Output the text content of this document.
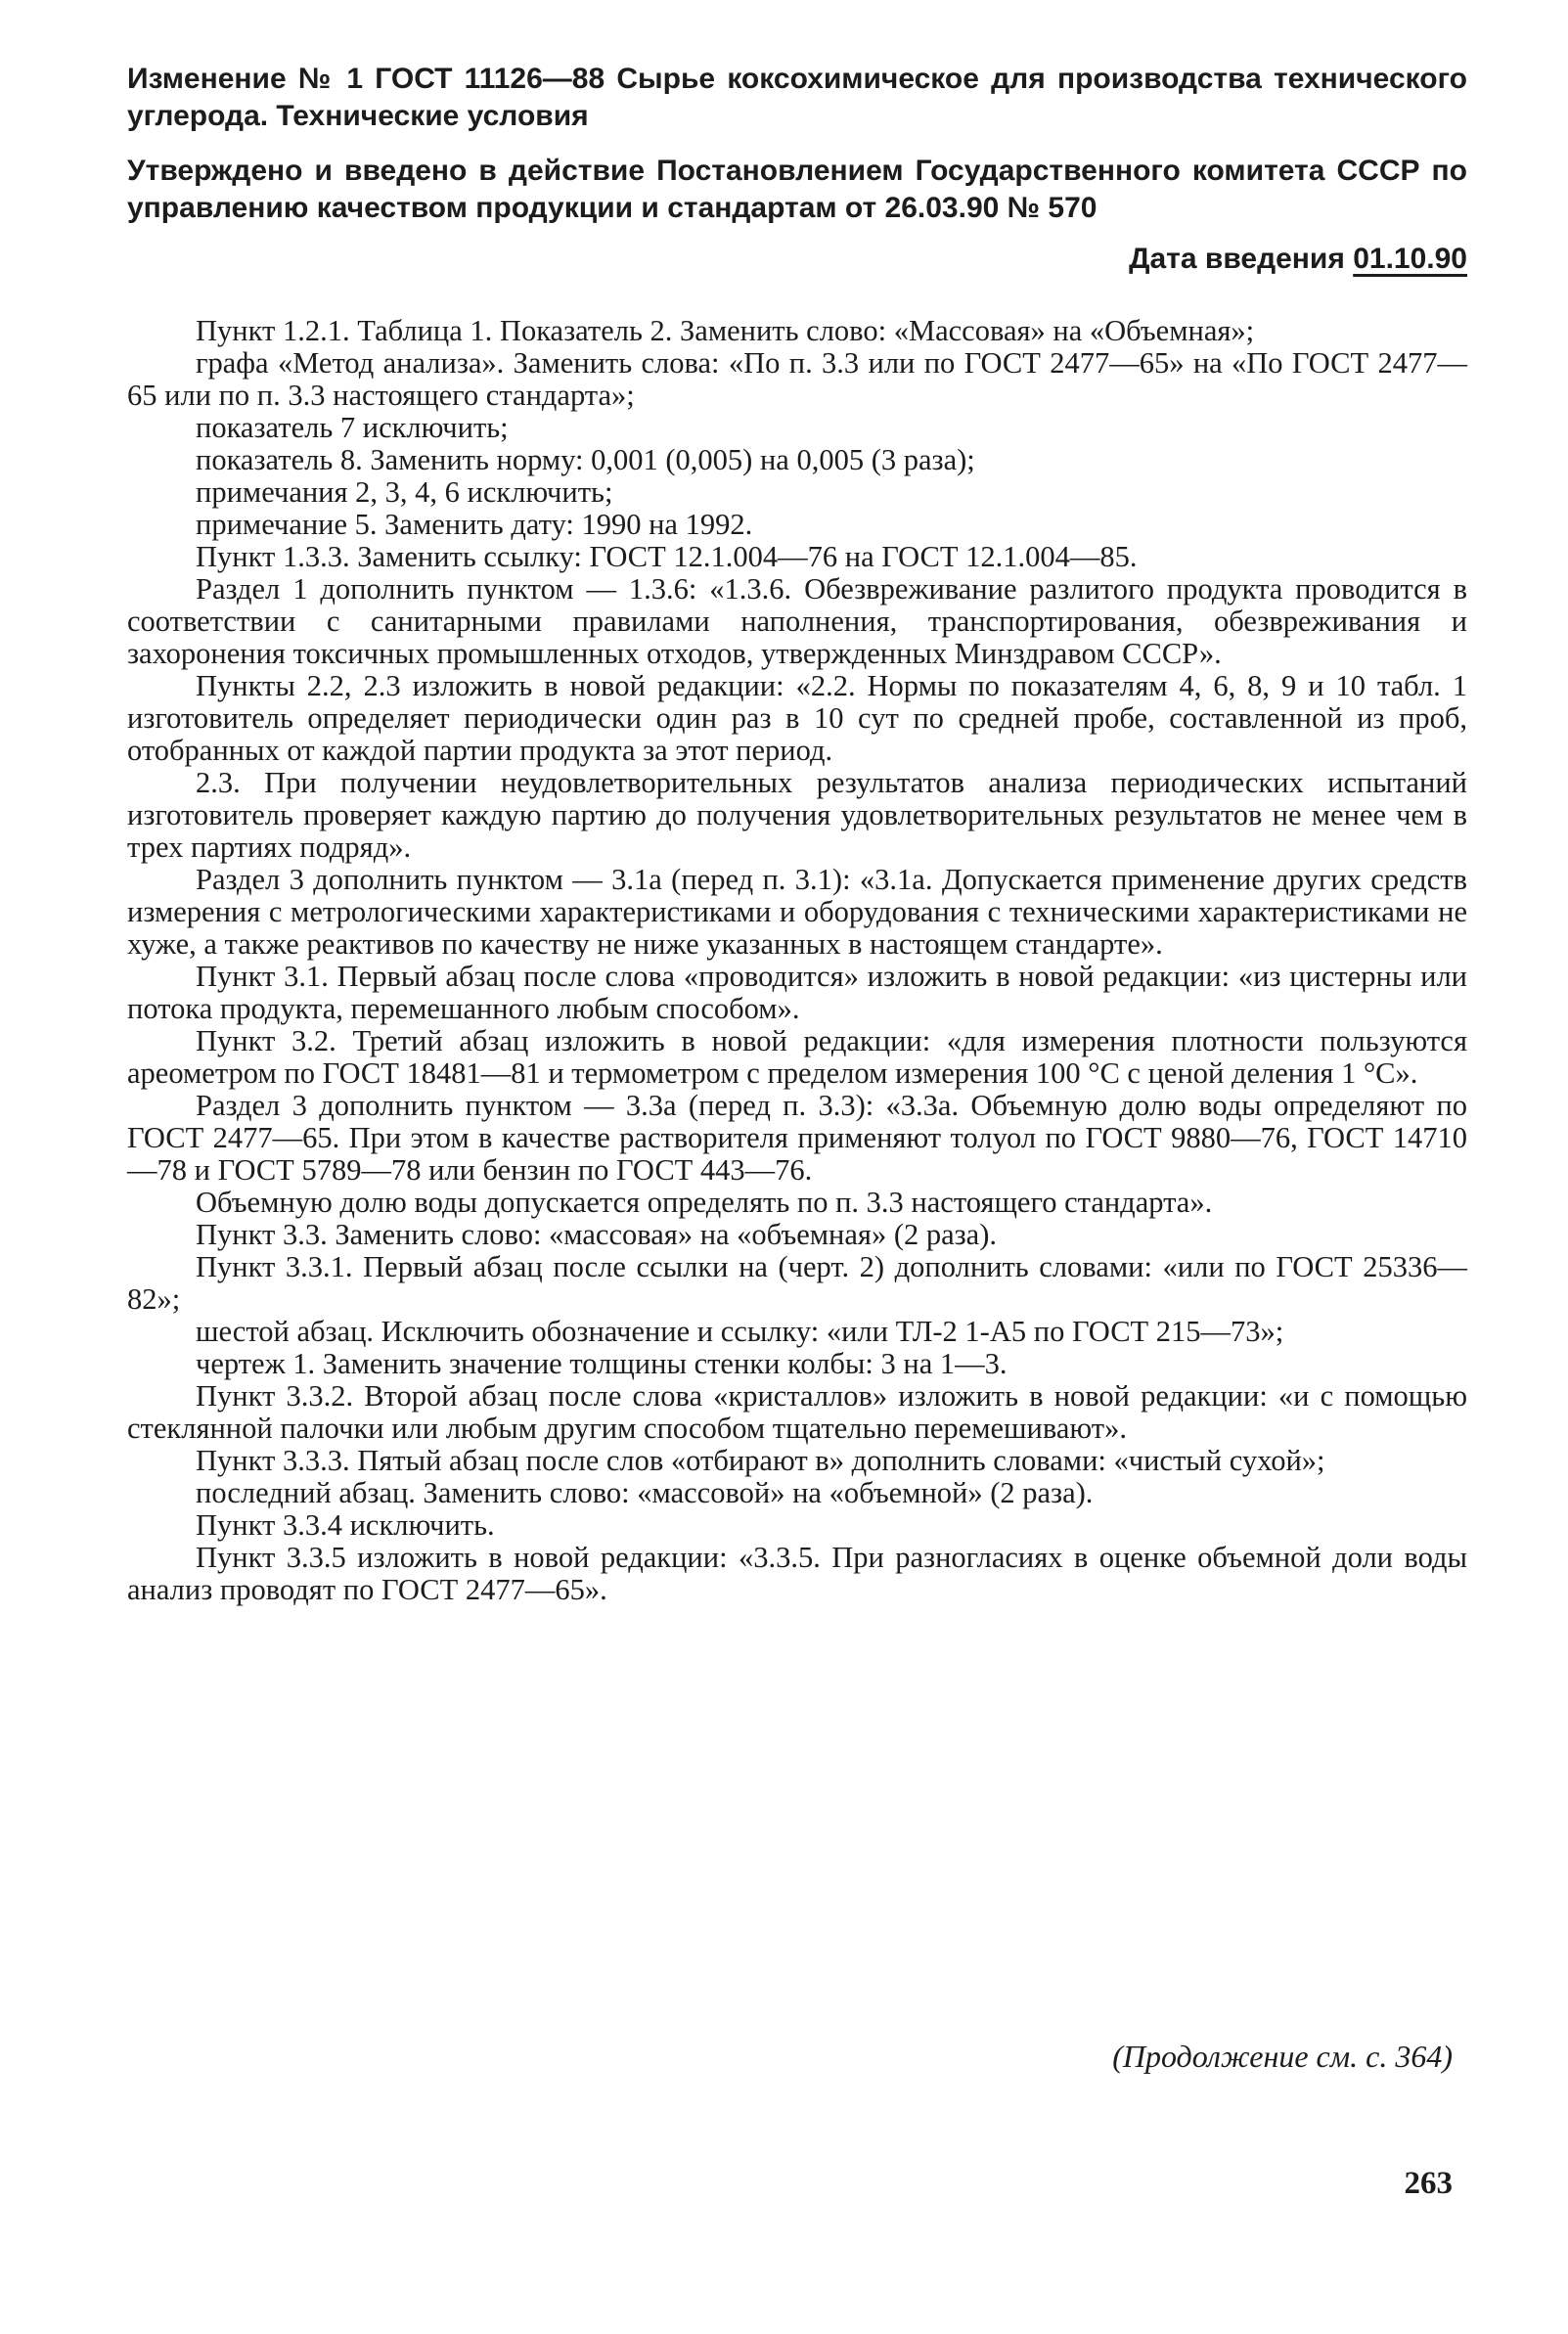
Изменение № 1 ГОСТ 11126—88 Сырье коксохимическое для производства технического углерода. Технические условия
Утверждено и введено в действие Постановлением Государственного комитета СССР по управлению качеством продукции и стандартам от 26.03.90 № 570
Дата введения 01.10.90

Пункт 1.2.1. Таблица 1. Показатель 2. Заменить слово: «Массовая» на «Объемная»;

графа «Метод анализа». Заменить слова: «По п. 3.3 или по ГОСТ 2477—65» на «По ГОСТ 2477—65 или по п. 3.3 настоящего стандарта»;

показатель 7 исключить;

показатель 8. Заменить норму: 0,001 (0,005) на 0,005 (3 раза);

примечания 2, 3, 4, 6 исключить;

примечание 5. Заменить дату: 1990 на 1992.

Пункт 1.3.3. Заменить ссылку: ГОСТ 12.1.004—76 на ГОСТ 12.1.004—85.

Раздел 1 дополнить пунктом — 1.3.6: «1.3.6. Обезвреживание разлитого продукта проводится в соответствии с санитарными правилами наполнения, транспортирования, обезвреживания и захоронения токсичных промышленных отходов, утвержденных Минздравом СССР».

Пункты 2.2, 2.3 изложить в новой редакции: «2.2. Нормы по показателям 4, 6, 8, 9 и 10 табл. 1 изготовитель определяет периодически один раз в 10 сут по средней пробе, составленной из проб, отобранных от каждой партии продукта за этот период.

2.3. При получении неудовлетворительных результатов анализа периодических испытаний изготовитель проверяет каждую партию до получения удовлетворительных результатов не менее чем в трех партиях подряд».

Раздел 3 дополнить пунктом — 3.1а (перед п. 3.1): «3.1а. Допускается применение других средств измерения с метрологическими характеристиками и оборудования с техническими характеристиками не хуже, а также реактивов по качеству не ниже указанных в настоящем стандарте».

Пункт 3.1. Первый абзац после слова «проводится» изложить в новой редакции: «из цистерны или потока продукта, перемешанного любым способом».

Пункт 3.2. Третий абзац изложить в новой редакции: «для измерения плотности пользуются ареометром по ГОСТ 18481—81 и термометром с пределом измерения 100 °С с ценой деления 1 °С».

Раздел 3 дополнить пунктом — 3.3а (перед п. 3.3): «3.3а. Объемную долю воды определяют по ГОСТ 2477—65. При этом в качестве растворителя применяют толуол по ГОСТ 9880—76, ГОСТ 14710—78 и ГОСТ 5789—78 или бензин по ГОСТ 443—76.

Объемную долю воды допускается определять по п. 3.3 настоящего стандарта».

Пункт 3.3. Заменить слово: «массовая» на «объемная» (2 раза).

Пункт 3.3.1. Первый абзац после ссылки на (черт. 2) дополнить словами: «или по ГОСТ 25336—82»;

шестой абзац. Исключить обозначение и ссылку: «или ТЛ-2 1-А5 по ГОСТ 215—73»;

чертеж 1. Заменить значение толщины стенки колбы: 3 на 1—3.

Пункт 3.3.2. Второй абзац после слова «кристаллов» изложить в новой редакции: «и с помощью стеклянной палочки или любым другим способом тщательно перемешивают».

Пункт 3.3.3. Пятый абзац после слов «отбирают в» дополнить словами: «чистый сухой»;

последний абзац. Заменить слово: «массовой» на «объемной» (2 раза).

Пункт 3.3.4 исключить.

Пункт 3.3.5 изложить в новой редакции: «3.3.5. При разногласиях в оценке объемной доли воды анализ проводят по ГОСТ 2477—65».

(Продолжение см. с. 364)
263
